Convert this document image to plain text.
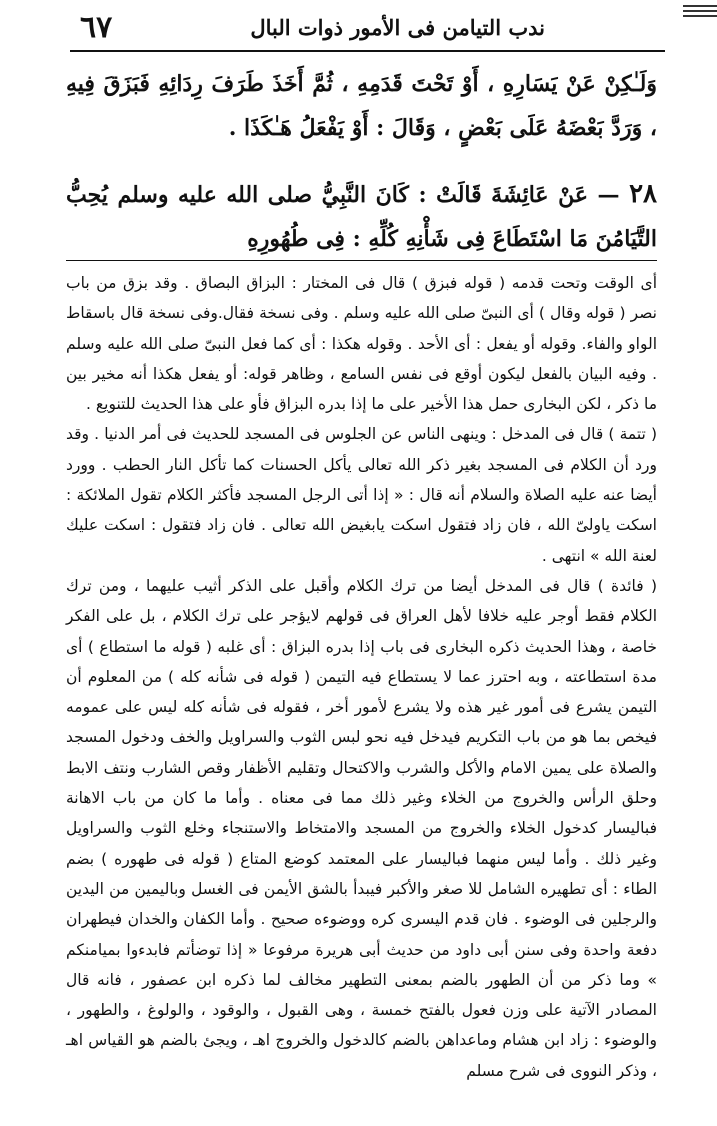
ندب التيامن فى الأمور ذوات البال
٦٧

وَلَـٰكِنْ عَنْ يَسَارِهِ ، أَوْ تَحْتَ قَدَمِهِ ، ثُمَّ أَخَذَ طَرَفَ رِدَائِهِ فَبَزَقَ فِيهِ ، وَرَدَّ بَعْضَهُ عَلَى بَعْضٍ ، وَقَالَ : أَوْ يَفْعَلُ هَـٰكَذَا .

٢٨ — عَنْ عَائِشَةَ قَالَتْ : كَانَ النَّبِيُّ صلى الله عليه وسلم يُحِبُّ التَّيَامُنَ مَا اسْتَطَاعَ فِى شَأْنِهِ كُلِّهِ : فِى طُهُورِهِ

أى الوقت وتحت قدمه ( قوله فبزق ) قال فى المختار : البزاق البصاق . وقد بزق من باب نصر ( قوله وقال ) أى النبىّ صلى الله عليه وسلم . وفى نسخة فقال.وفى نسخة قال باسقاط الواو والفاء. وقوله أو يفعل : أى الأحد . وقوله هكذا : أى كما فعل النبىّ صلى الله عليه وسلم . وفيه البيان بالفعل ليكون أوقع فى نفس السامع ، وظاهر قوله: أو يفعل هكذا أنه مخير بين ما ذكر ، لكن البخارى حمل هذا الأخير على ما إذا بدره البزاق فأو على هذا الحديث للتنويع .

( تتمة ) قال فى المدخل : وينهى الناس عن الجلوس فى المسجد للحديث فى أمر الدنيا . وقد ورد أن الكلام فى المسجد بغير ذكر الله تعالى يأكل الحسنات كما تأكل النار الحطب . وورد أيضا عنه عليه الصلاة والسلام أنه قال : « إذا أتى الرجل المسجد فأكثر الكلام تقول الملائكة : اسكت ياولىّ الله ، فان زاد فتقول اسكت يابغيض الله تعالى . فان زاد فتقول : اسكت عليك لعنة الله » انتهى .

( فائدة ) قال فى المدخل أيضا من ترك الكلام وأقبل على الذكر أثيب عليهما ، ومن ترك الكلام فقط أوجر عليه خلافا لأهل العراق فى قولهم لايؤجر على ترك الكلام ، بل على الفكر خاصة ، وهذا الحديث ذكره البخارى فى باب إذا بدره البزاق : أى غلبه ( قوله ما استطاع ) أى مدة استطاعته ، وبه احترز عما لا يستطاع فيه التيمن ( قوله فى شأنه كله ) من المعلوم أن التيمن يشرع فى أمور غير هذه ولا يشرع لأمور أخر ، فقوله فى شأنه كله ليس على عمومه فيخص بما هو من باب التكريم فيدخل فيه نحو لبس الثوب والسراويل والخف ودخول المسجد والصلاة على يمين الامام والأكل والشرب والاكتحال وتقليم الأظفار وقص الشارب ونتف الابط وحلق الرأس والخروج من الخلاء وغير ذلك مما فى معناه . وأما ما كان من باب الاهانة فباليسار كدخول الخلاء والخروج من المسجد والامتخاط والاستنجاء وخلع الثوب والسراويل وغير ذلك . وأما ليس منهما فباليسار على المعتمد كوضع المتاع ( قوله فى طهوره ) بضم الطاء : أى تطهيره الشامل للا صغر والأكبر فيبدأ بالشق الأيمن فى الغسل وباليمين من اليدين والرجلين فى الوضوء . فان قدم اليسرى كره ووضوءه صحيح . وأما الكفان والخدان فيطهران دفعة واحدة وفى سنن أبى داود من حديث أبى هريرة مرفوعا « إذا توضأتم فابدءوا بميامنكم » وما ذكر من أن الطهور بالضم بمعنى التطهير مخالف لما ذكره ابن عصفور ، فانه قال المصادر الآتية على وزن فعول بالفتح خمسة ، وهى القبول ، والوقود ، والولوغ ، والطهور ، والوضوء : زاد ابن هشام وماعداهن بالضم كالدخول والخروج اهـ ، ويجئ بالضم هو القياس اهـ ، وذكر النووى فى شرح مسلم
